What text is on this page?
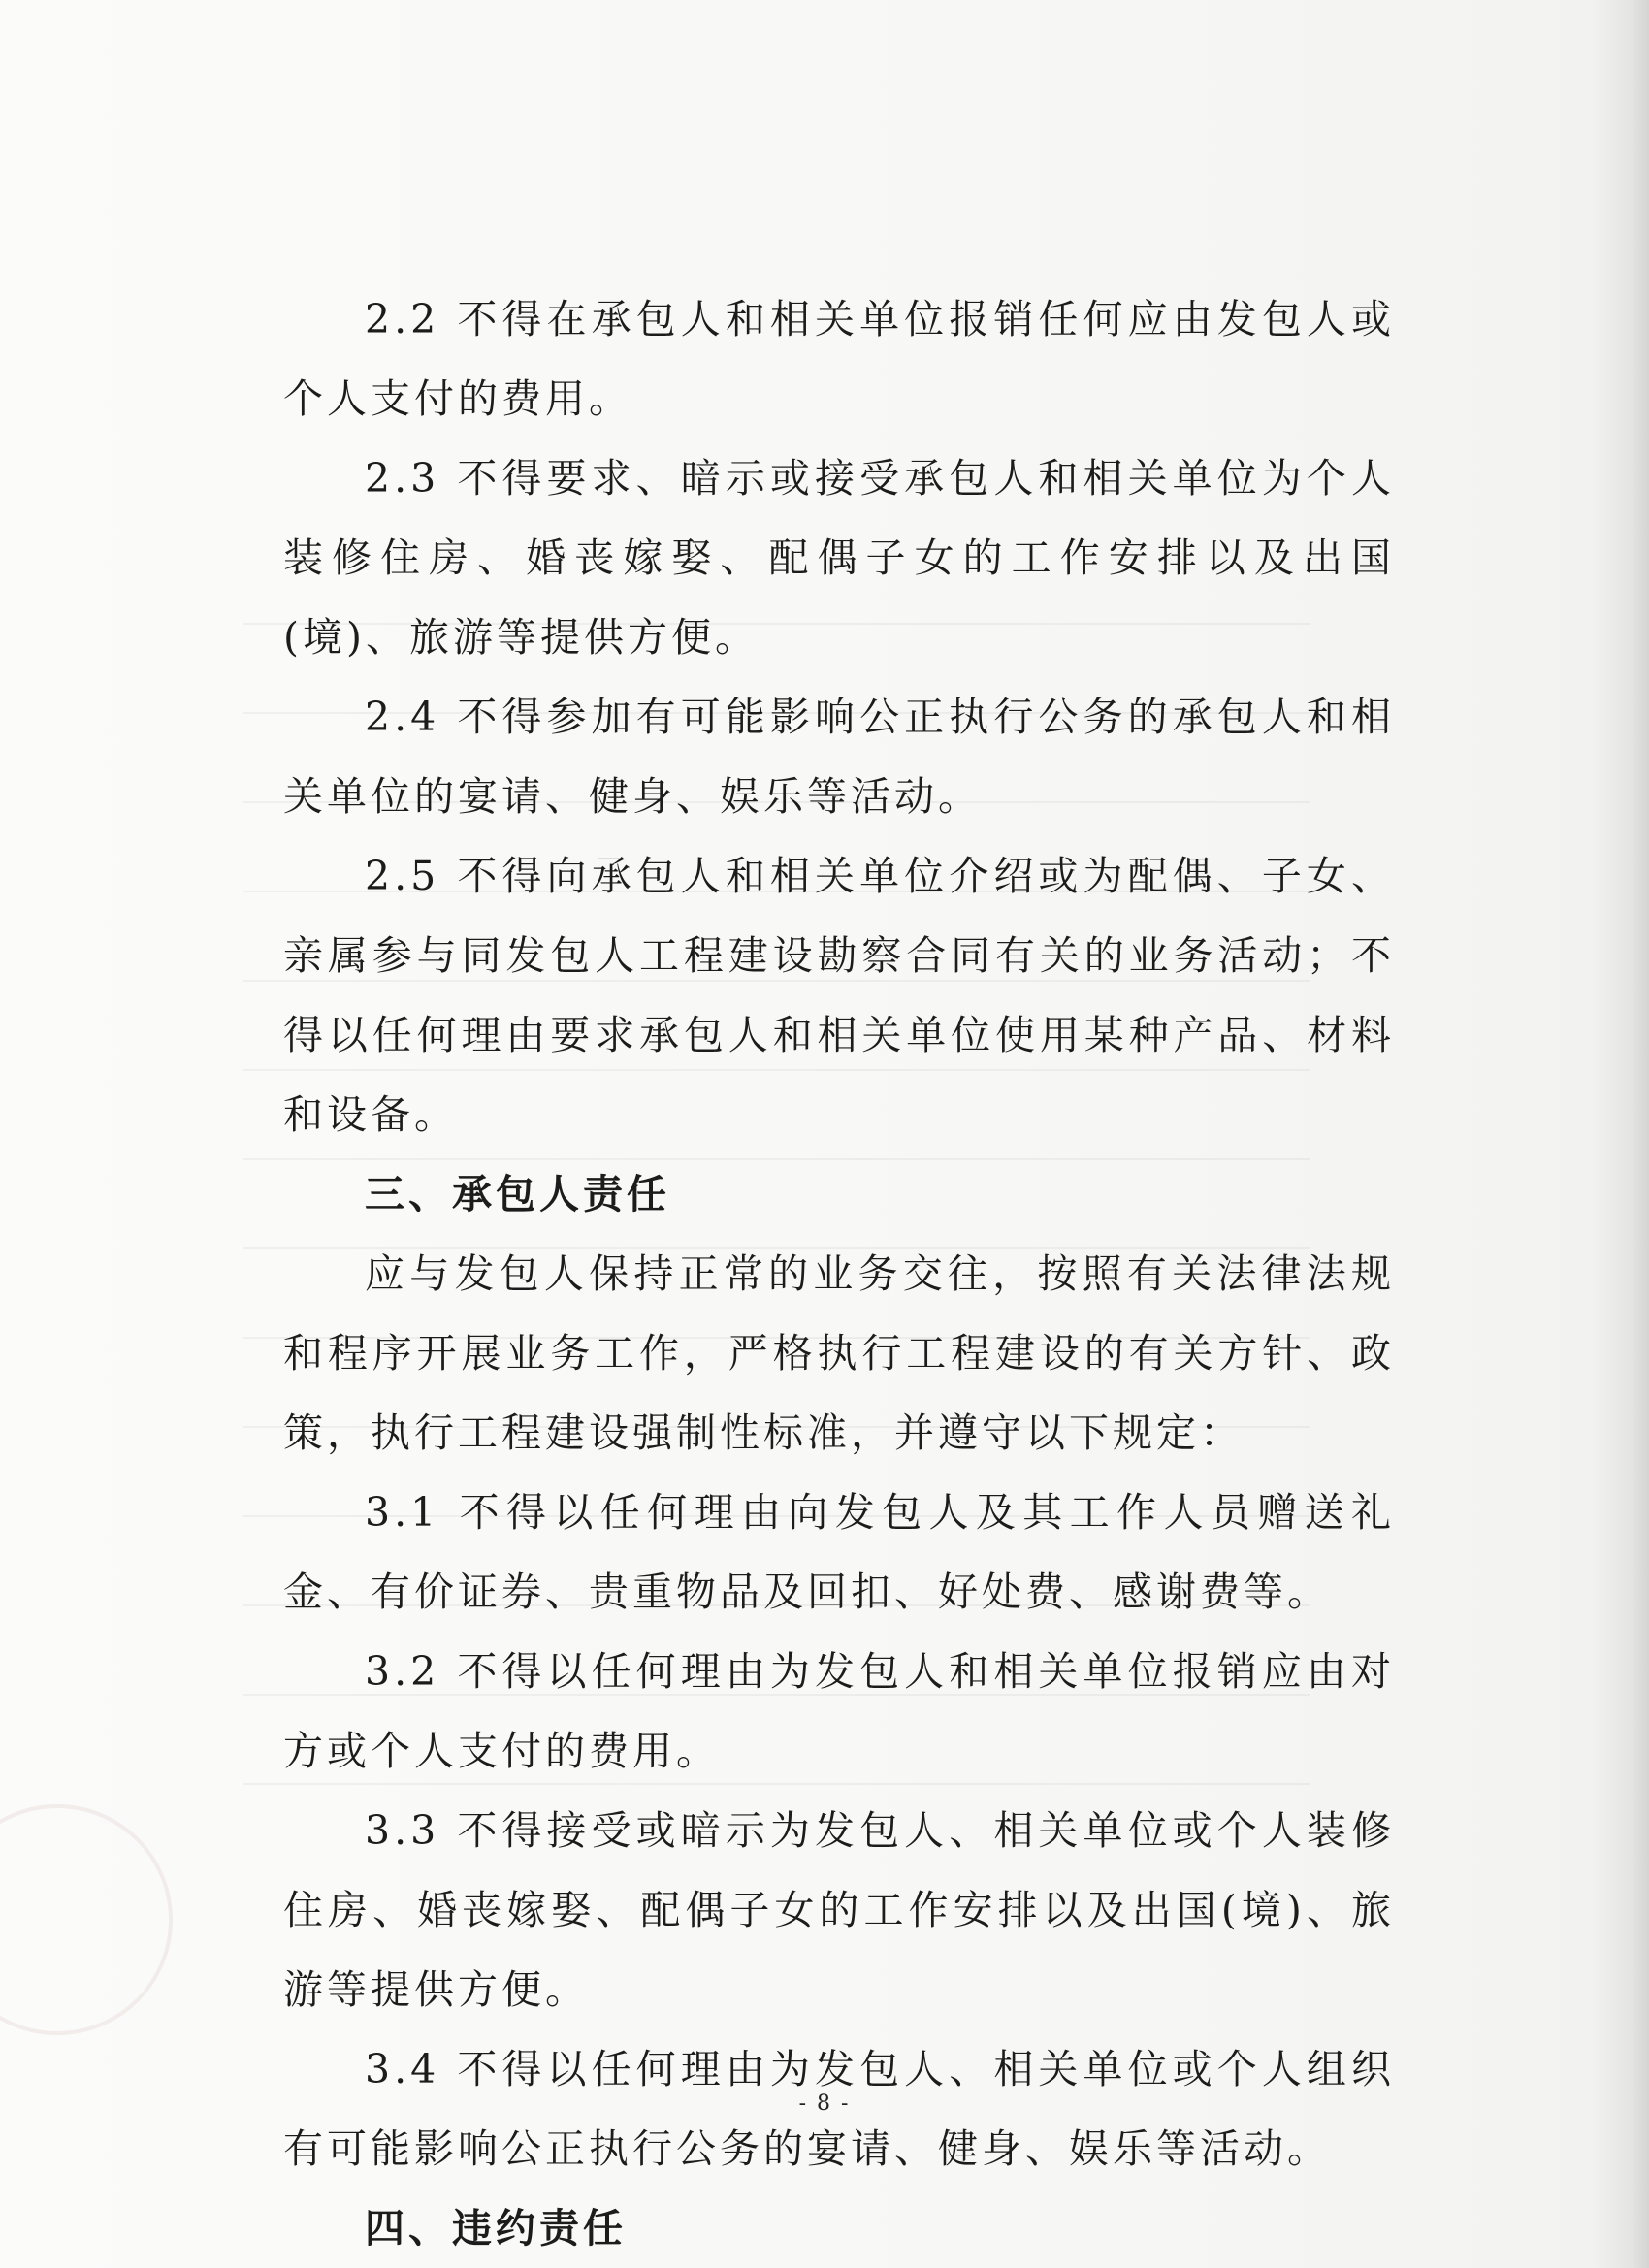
2.2 不得在承包人和相关单位报销任何应由发包人或个人支付的费用。

2.3 不得要求、暗示或接受承包人和相关单位为个人装修住房、婚丧嫁娶、配偶子女的工作安排以及出国(境)、旅游等提供方便。

2.4 不得参加有可能影响公正执行公务的承包人和相关单位的宴请、健身、娱乐等活动。

2.5 不得向承包人和相关单位介绍或为配偶、子女、亲属参与同发包人工程建设勘察合同有关的业务活动；不得以任何理由要求承包人和相关单位使用某种产品、材料和设备。

三、承包人责任

应与发包人保持正常的业务交往，按照有关法律法规和程序开展业务工作，严格执行工程建设的有关方针、政策，执行工程建设强制性标准，并遵守以下规定：

3.1 不得以任何理由向发包人及其工作人员赠送礼金、有价证券、贵重物品及回扣、好处费、感谢费等。

3.2 不得以任何理由为发包人和相关单位报销应由对方或个人支付的费用。

3.3 不得接受或暗示为发包人、相关单位或个人装修住房、婚丧嫁娶、配偶子女的工作安排以及出国(境)、旅游等提供方便。

3.4 不得以任何理由为发包人、相关单位或个人组织有可能影响公正执行公务的宴请、健身、娱乐等活动。

四、违约责任
- 8 -
